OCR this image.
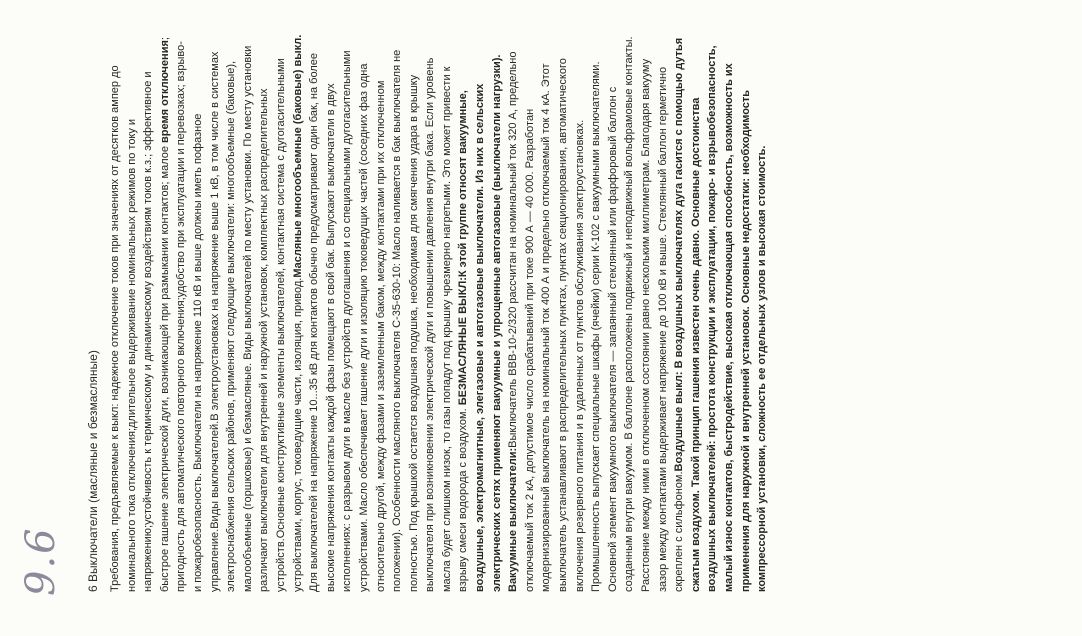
9.6 6 Выключатели (масляные и безмасляные) Требования, предъявляемые к выкл: надежное отключение токов при значениях от десятков ампер до номинального тока отключения;длительное выдерживание номинальных режимов по току и напряжению;устойчивость к термическому и динамическому воздействиям токов к.з.; эффективное и быстрое гашение электрической дуги, возникающей при размыкании контактов; малое время отключения; пригодность для автоматического повторного включения;удобство при эксплуатации и перевозках; взрыво- и пожаробезопасность. Выключатели на напряжение 110 кВ и выше должны иметь пофазное управление.Виды выключателей.В электроустановках на напряжение выше 1 кВ, в том числе в системах электроснабжения сельских районов, применяют следующие выключатели: многообъемные (баковые), малообъемные (горшковые) и безмасляные. Виды выключателей по месту установки. По месту установки различают выключатели для внутренней и наружной установок, комплектных распределительных устройств.Основные конструктивные элементы выключателей, контактная система с дугогасительными устройствами, корпус, токоведущие части, изоляция, привод.Масляные многообъемные (баковые) выкл. Для выключателей на напряжение 10...35 кВ для контактов обычно предусматривают один бак, на более высокие напряжения контакты каждой фазы помещают в свой бак. Выпускают выключатели в двух исполнениях: с разрывом дуги в масле без устройств дугогашения и со специальными дугогасительными устройствами. Масло обеспечивает гашение дуги и изоляцию токоведущих частей (соседних фаз одна относительно другой, между фазами и заземленным баком, между контактами при их отключенном положении). Особенности масляного выключателя С-35-630-10: Масло наливается в бак выключателя не полностью. Под крышкой остается воздушная подушка, необходимая для смягчения удара в крышку выключателя при возникновении электрической дуги и повышении давления внутри бака. Если уровень масла будет слишком низок, то газы попадут под крышку чрезмерно нагретыми. Это может привести к взрыву смеси водорода с воздухом. БЕЗМАСЛЯНЫЕ ВЫКЛ:К этой группе относят вакуумные, воздушные, электромагнитные, элегазовые и автогазовые выключатели. Из них в сельских электрических сетях применяют вакуумные и упрощенные автогазовые (выключатели нагрузки). Вакуумные выключатели:Выключатель ВВВ-10-2/320 рассчитан на номинальный ток 320 А, предельно отключаемый ток 2 кА, допустимое число срабатываний при токе 900 А — 40 000. Разработан модернизированный выключатель на номинальный ток 400 А и предельно отключаемый ток 4 кА. Этот выключатель устанавливают в распределительных пунктах, пунктах секционирования, автоматического включения резервного питания и в удаленных от пунктов обслуживания электроустановках. Промышленность выпускает специальные шкафы (ячейки) серии К-102 с вакуумными выключателями. Основной элемент вакуумного выключателя — запаянный стеклянный или фарфоровый баллон с созданным внутри вакуумом. В баллоне расположены подвижный и неподвижный вольфрамовые контакты. Расстояние между ними в отключенном состоянии равно нескольким миллиметрам. Благодаря вакууму зазор между контактами выдерживает напряжение до 100 кВ и выше. Стеклянный баллон герметично скреплен с сильфоном.Воздушные выкл: В воздушных выключателях дуга гасится с помощью дутья сжатым воздухом. Такой принцип гашения известен очень давно. Основные достоинства воздушных выключателей: простота конструкции и эксплуатации, пожаро- и взрывобезопасность, малый износ контактов, быстродействие, высокая отключающая способность, возможность их применения для наружной и внутренней установок. Основные недостатки: необходимость компрессорной установки, сложность ее отдельных узлов и высокая стоимость.
